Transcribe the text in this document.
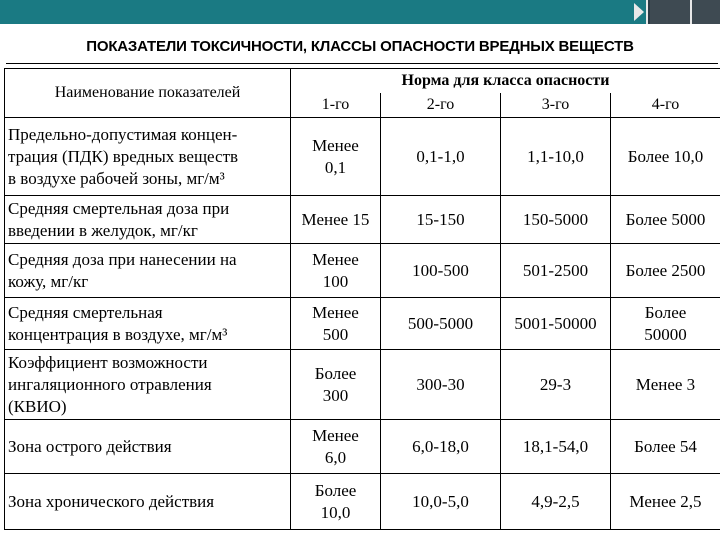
ПОКАЗАТЕЛИ ТОКСИЧНОСТИ, КЛАССЫ ОПАСНОСТИ ВРЕДНЫХ ВЕЩЕСТВ
Наименование показателей	Норма для класса опасности			
	1-го	2-го	3-го	4-го

Предельно-допустимая концен-
трация (ПДК) вредных веществ
в воздухе рабочей зоны, мг/м³	Менее
0,1	0,1-1,0	1,1-10,0	Более 10,0

Средняя смертельная доза при
введении в желудок, мг/кг	Менее 15	15-150	150-5000	Более 5000

Средняя доза при нанесении на
кожу, мг/кг	Менее
100	100-500	501-2500	Более 2500

Средняя смертельная
концентрация в воздухе, мг/м³	Менее
500	500-5000	5001-50000	Более
50000

Коэффициент возможности
ингаляционного отравления
(КВИО)	Более
300	300-30	29-3	Менее 3

Зона острого действия	Менее
6,0	6,0-18,0	18,1-54,0	Более 54

Зона хронического действия	Более
10,0	10,0-5,0	4,9-2,5	Менее 2,5
